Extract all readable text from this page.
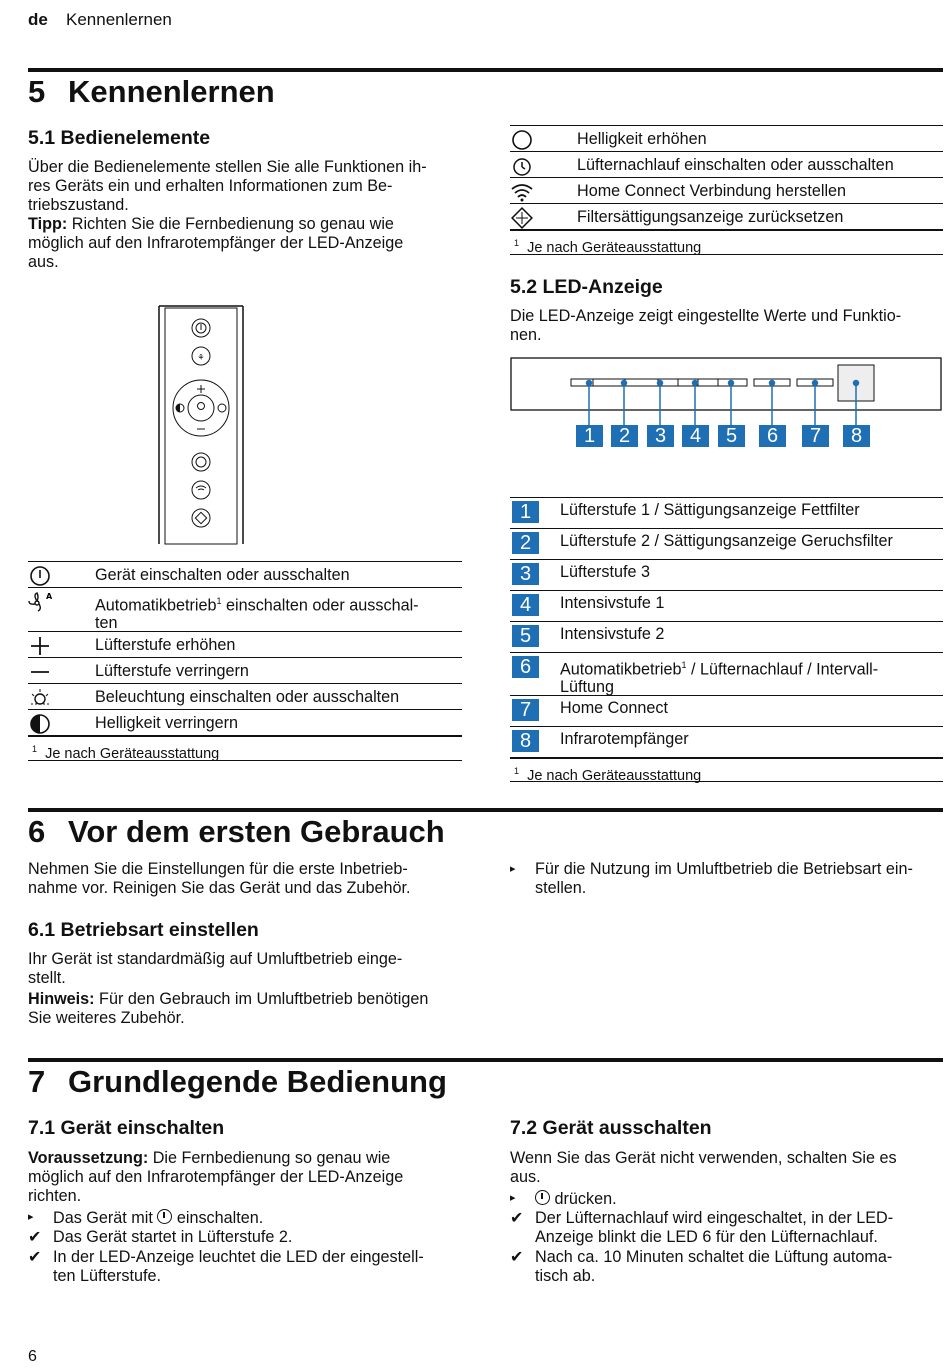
de Kennenlernen
5 Kennenlernen
5.1 Bedienelemente
Über die Bedienelemente stellen Sie alle Funktionen ih-
res Geräts ein und erhalten Informationen zum Be-
triebszustand.
Tipp: Richten Sie die Fernbedienung so genau wie
möglich auf den Infrarotempfänger der LED-Anzeige
aus.
⚘
Gerät einschalten oder ausschalten
A	Automatikbetrieb$^1$ einschalten oder ausschal-
ten
Lüfterstufe erhöhen
Lüfterstufe verringern
Beleuchtung einschalten oder ausschalten
Helligkeit verringern
$^1$ Je nach Geräteausstattung
Helligkeit erhöhen
Lüfternachlauf einschalten oder ausschalten
Home Connect Verbindung herstellen
Filtersättigungsanzeige zurücksetzen
$^1$ Je nach Geräteausstattung
5.2 LED-Anzeige
Die LED-Anzeige zeigt eingestellte Werte und Funktio-
nen.
1	2	3	4	5	6	7	8
1	Lüfterstufe 1 / Sättigungsanzeige Fettfilter
2	Lüfterstufe 2 / Sättigungsanzeige Geruchsfilter
3	Lüfterstufe 3
4	Intensivstufe 1
5	Intensivstufe 2
6	Automatikbetrieb$^1$ / Lüfternachlauf / Intervall-
Lüftung
7	Home Connect
8	Infrarotempfänger
$^1$ Je nach Geräteausstattung
6 Vor dem ersten Gebrauch
Nehmen Sie die Einstellungen für die erste Inbetrieb-
nahme vor. Reinigen Sie das Gerät und das Zubehör.
6.1 Betriebsart einstellen
Ihr Gerät ist standardmäßig auf Umluftbetrieb einge-
stellt.
Hinweis: Für den Gebrauch im Umluftbetrieb benötigen
Sie weiteres Zubehör.
▸	Für die Nutzung im Umluftbetrieb die Betriebsart ein-
stellen.
7 Grundlegende Bedienung
7.1 Gerät einschalten
Voraussetzung: Die Fernbedienung so genau wie
möglich auf den Infrarotempfänger der LED-Anzeige
richten.
▸	Das Gerät mit
einschalten.
✔ Das Gerät startet in Lüfterstufe 2.
✔ In der LED-Anzeige leuchtet die LED der eingestell-
ten Lüfterstufe.
7.2 Gerät ausschalten
Wenn Sie das Gerät nicht verwenden, schalten Sie es
aus.
▸	drücken.
✔ Der Lüfternachlauf wird eingeschaltet, in der LED-
Anzeige blinkt die LED 6 für den Lüfternachlauf.
✔ Nach ca. 10 Minuten schaltet die Lüftung automa-
tisch ab.
6
